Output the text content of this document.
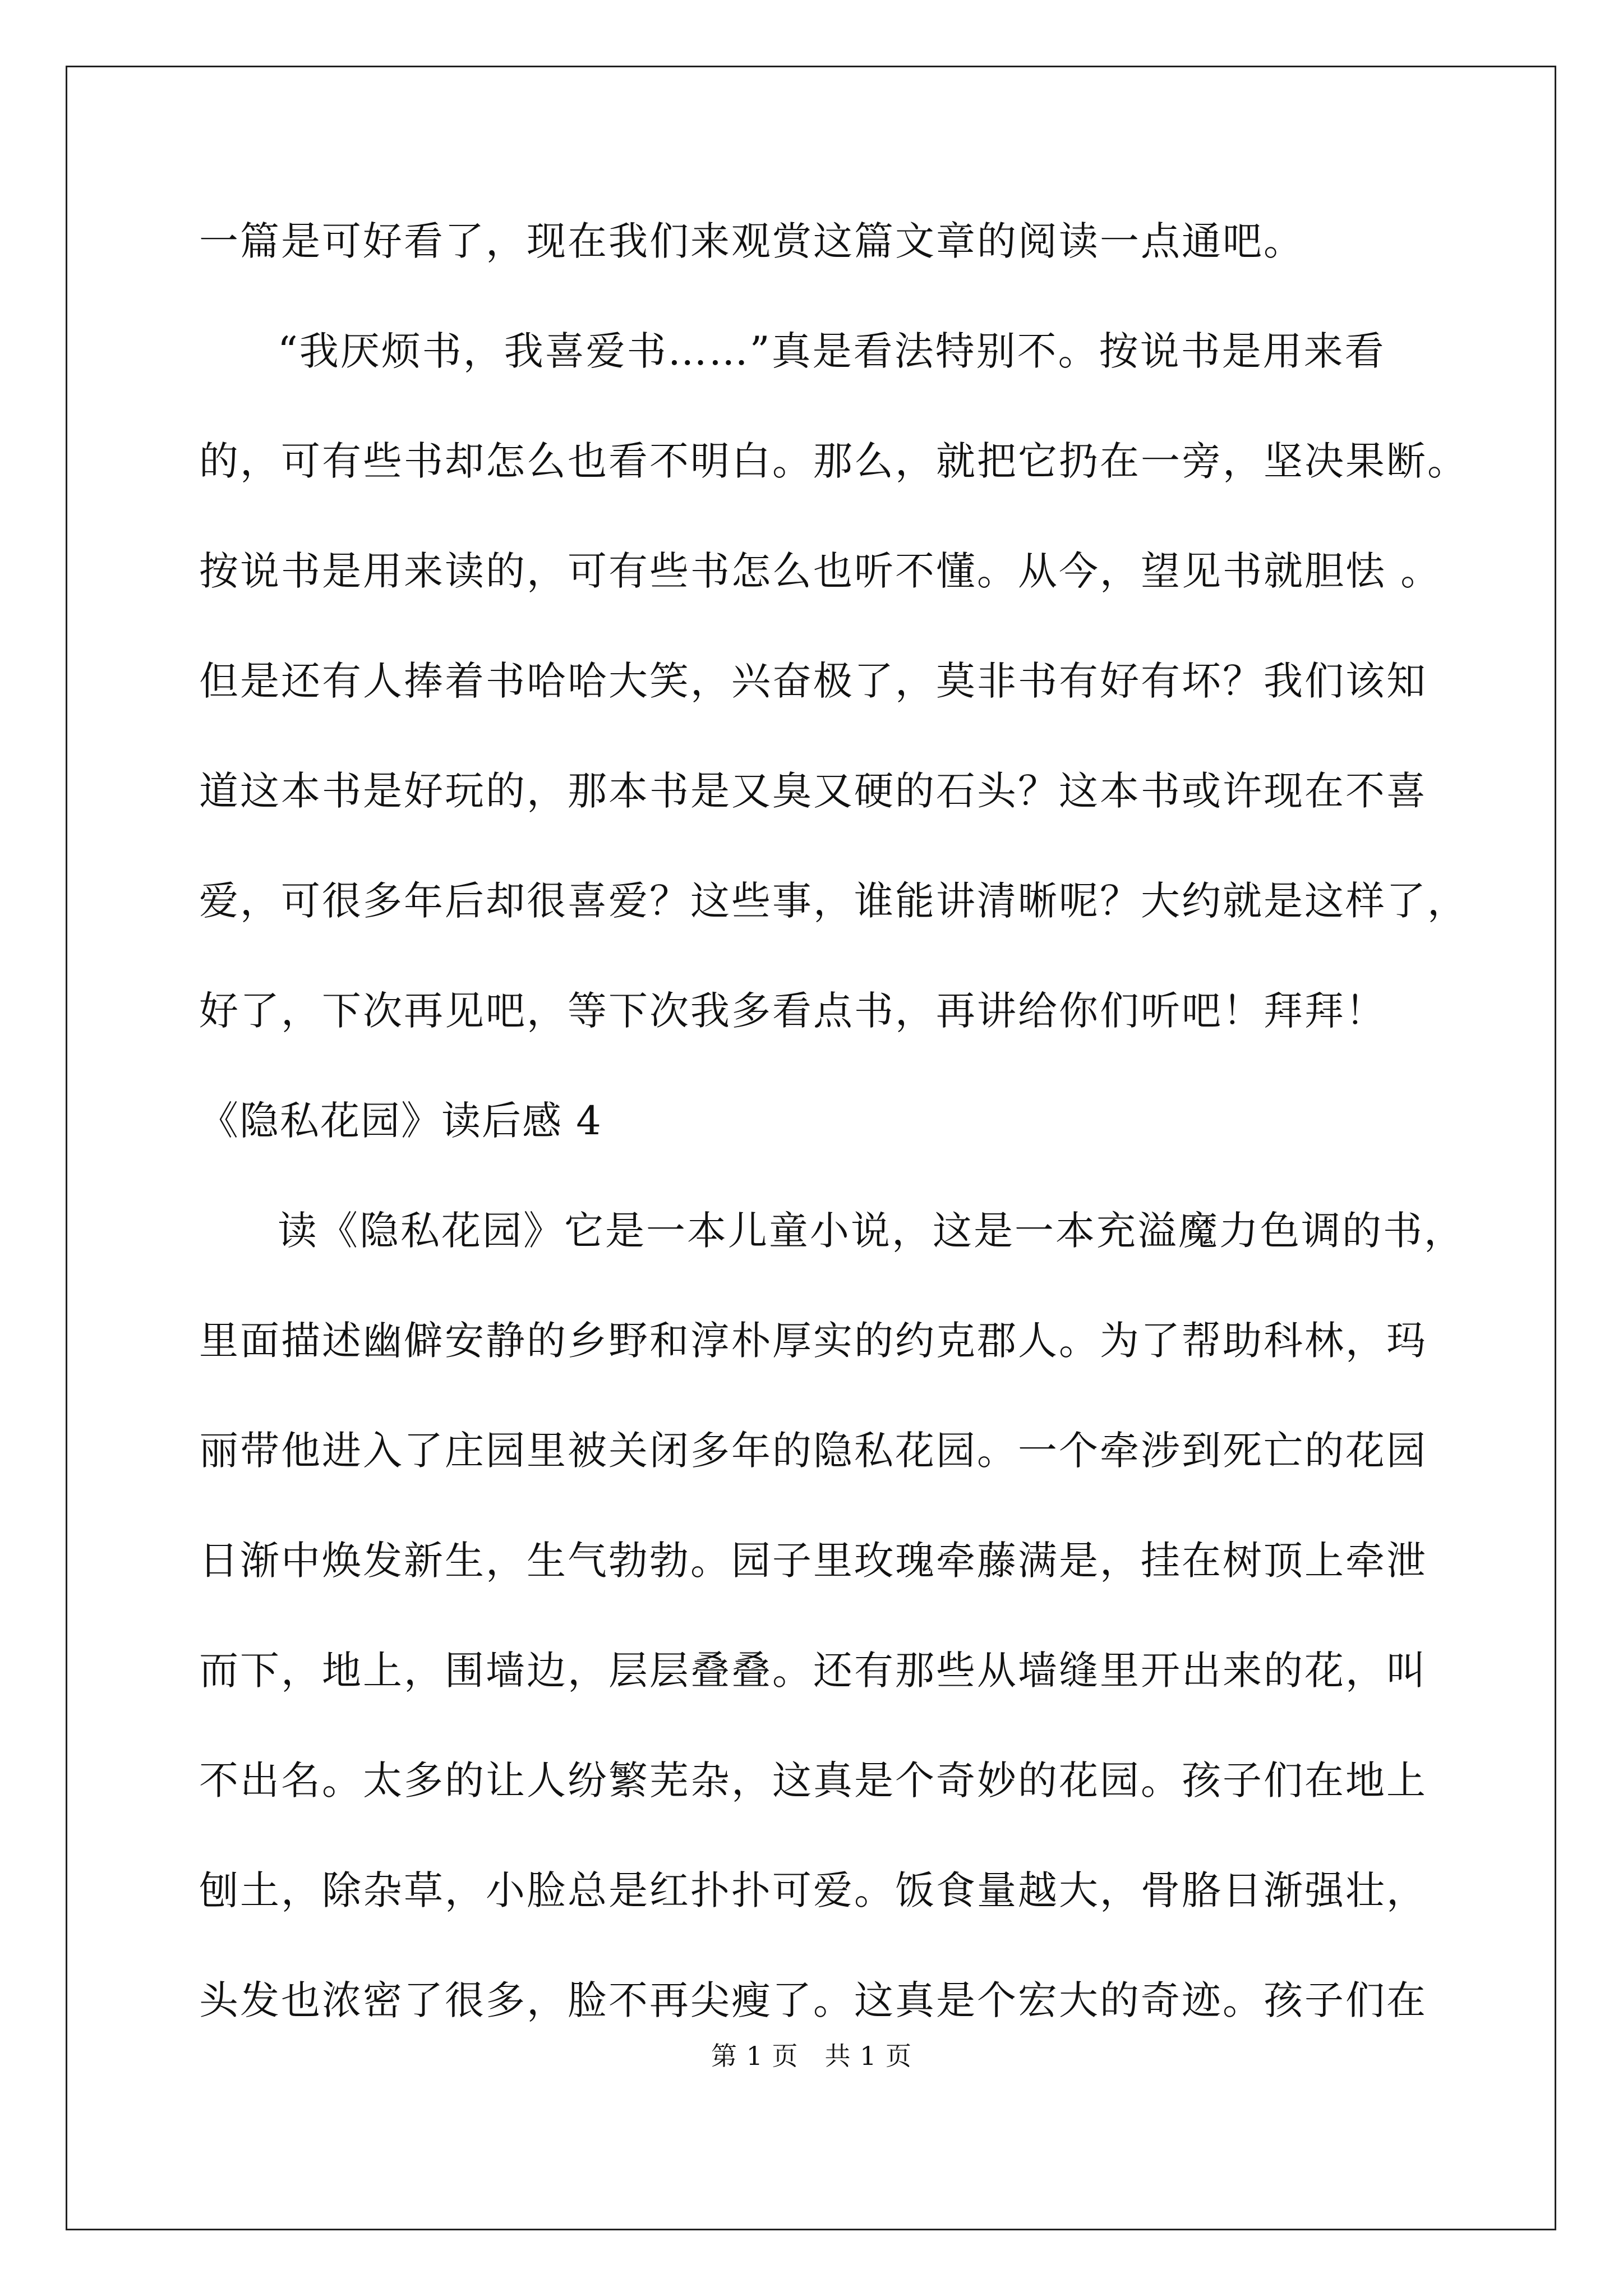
一篇是可好看了，现在我们来观赏这篇文章的阅读一点通吧。
“我厌烦书，我喜爱书……”真是看法特别不。按说书是用来看
的，可有些书却怎么也看不明白。那么，就把它扔在一旁，坚决果断。
按说书是用来读的，可有些书怎么也听不懂。从今，望见书就胆怯 。
但是还有人捧着书哈哈大笑，兴奋极了，莫非书有好有坏？我们该知
道这本书是好玩的，那本书是又臭又硬的石头？这本书或许现在不喜
爱，可很多年后却很喜爱？这些事，谁能讲清晰呢？大约就是这样了，
好了，下次再见吧，等下次我多看点书，再讲给你们听吧！拜拜！
《隐私花园》读后感 4
读《隐私花园》它是一本儿童小说，这是一本充溢魔力色调的书，
里面描述幽僻安静的乡野和淳朴厚实的约克郡人。为了帮助科林，玛
丽带他进入了庄园里被关闭多年的隐私花园。一个牵涉到死亡的花园
日渐中焕发新生，生气勃勃。园子里玫瑰牵藤满是，挂在树顶上牵泄
而下，地上，围墙边，层层叠叠。还有那些从墙缝里开出来的花，叫
不出名。太多的让人纷繁芜杂，这真是个奇妙的花园。孩子们在地上
刨土，除杂草，小脸总是红扑扑可爱。饭食量越大，骨胳日渐强壮，
头发也浓密了很多，脸不再尖瘦了。这真是个宏大的奇迹。孩子们在
第 1 页　共 1 页
